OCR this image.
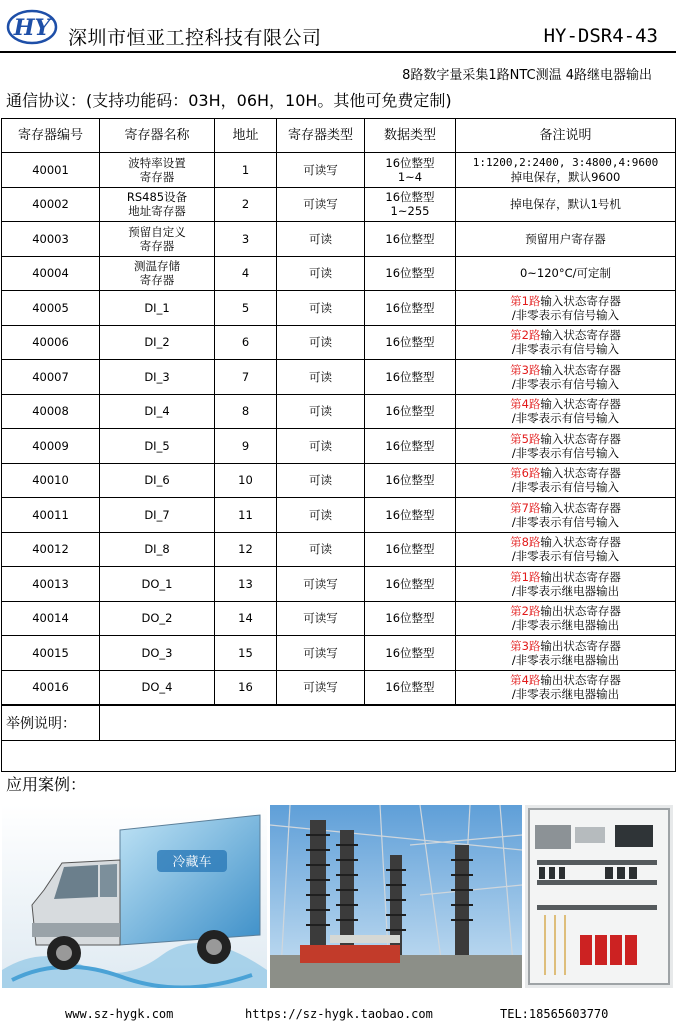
HY 深圳市恒亚工控科技有限公司	HY-DSR4-43
8路数字量采集1路NTC测温 4路继电器输出
通信协议：(支持功能码：03H，06H，10H。其他可免费定制)
寄存器编号	寄存器名称	地址	寄存器类型	数据类型	备注说明
40001	波特率设置
寄存器	1	可读写	16位整型
1~4	1:1200,2:2400, 3:4800,4:9600
掉电保存，默认9600

40002	RS485设备
地址寄存器	2	可读写	16位整型
1~255	掉电保存，默认1号机

40003	预留自定义
寄存器	3	可读	16位整型	预留用户寄存器

40004	测温存储
寄存器	4	可读	16位整型	0~120°C/可定制

40005	DI_1	5	可读	16位整型	第1路输入状态寄存器
/非零表示有信号输入

40006	DI_2	6	可读	16位整型	第2路输入状态寄存器
/非零表示有信号输入

40007	DI_3	7	可读	16位整型	第3路输入状态寄存器
/非零表示有信号输入

40008	DI_4	8	可读	16位整型	第4路输入状态寄存器
/非零表示有信号输入

40009	DI_5	9	可读	16位整型	第5路输入状态寄存器
/非零表示有信号输入

40010	DI_6	10	可读	16位整型	第6路输入状态寄存器
/非零表示有信号输入

40011	DI_7	11	可读	16位整型	第7路输入状态寄存器
/非零表示有信号输入

40012	DI_8	12	可读	16位整型	第8路输入状态寄存器
/非零表示有信号输入

40013	DO_1	13	可读写	16位整型	第1路输出状态寄存器
/非零表示继电器输出

40014	DO_2	14	可读写	16位整型	第2路输出状态寄存器
/非零表示继电器输出

40015	DO_3	15	可读写	16位整型	第3路输出状态寄存器
/非零表示继电器输出

40016	DO_4	16	可读写	16位整型	第4路输出状态寄存器
/非零表示继电器输出
举例说明：	

应用案例：
冷藏车
www.sz-hygk.com	https://sz-hygk.taobao.com	TEL:18565603770
